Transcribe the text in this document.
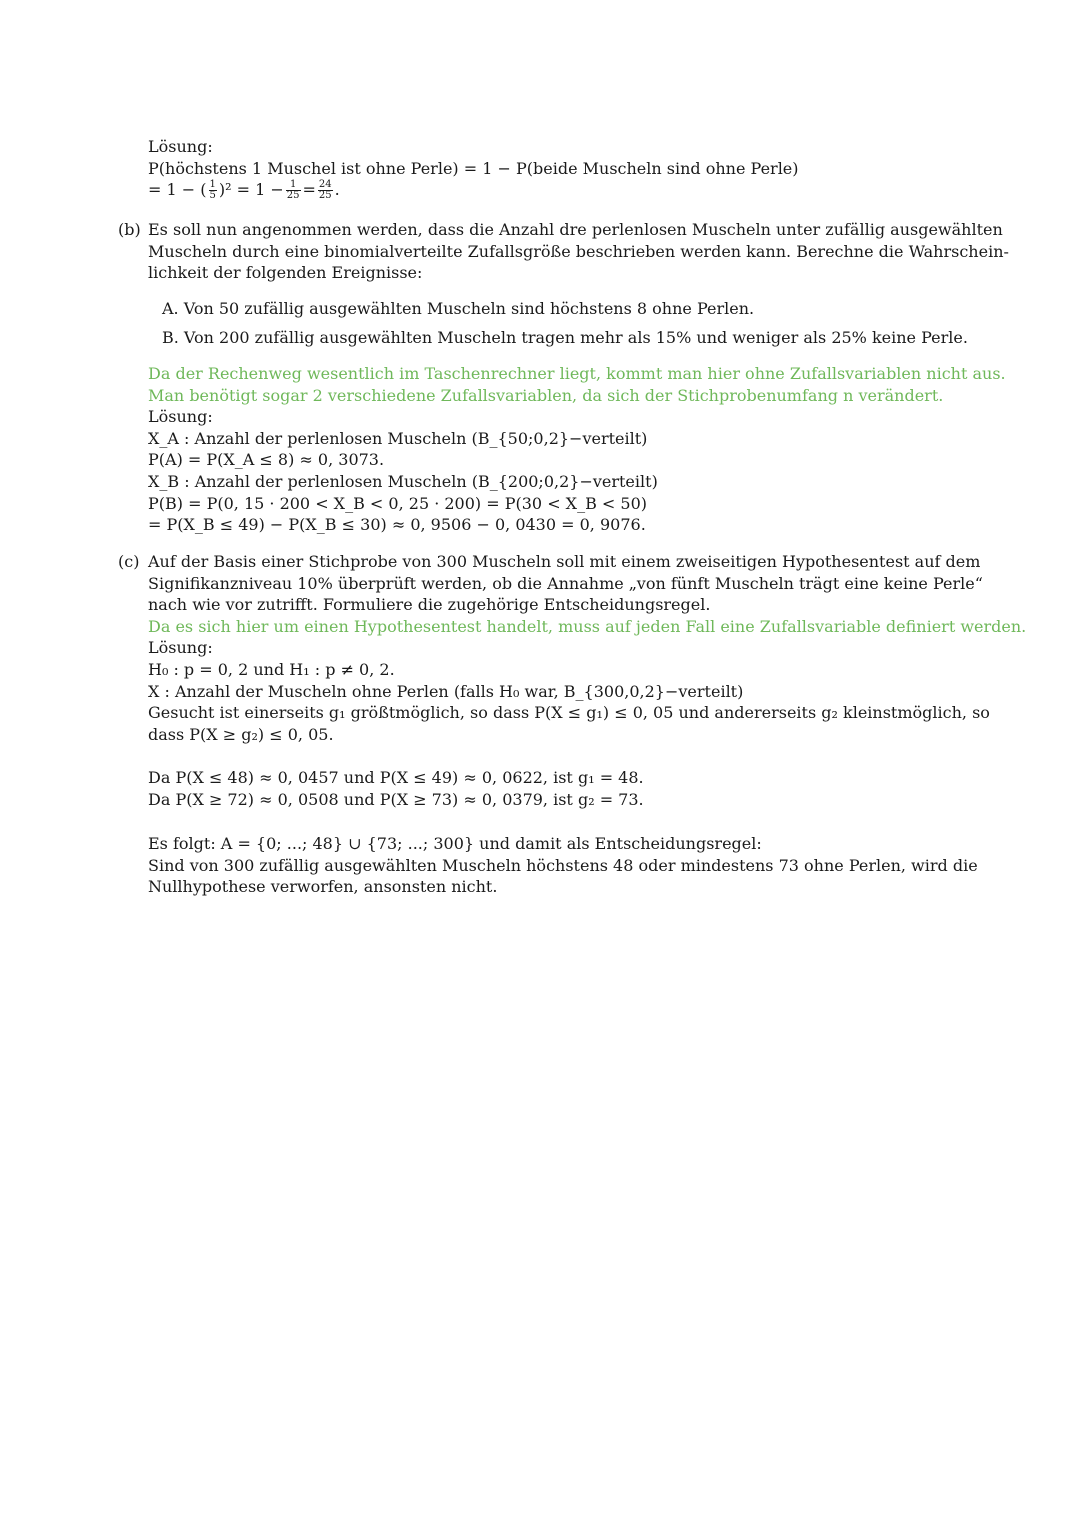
Lösung:
P(höchstens 1 Muschel ist ohne Perle) = 1 − P(beide Muscheln sind ohne Perle)
= 1 − ( $\frac{1}{5} )^2 = 1 - \frac{1}{25} = \frac{24}{25}$ .
(b) Es soll nun angenommen werden, dass die Anzahl dre perlenlosen Muscheln unter zufällig ausgewählten
Muscheln durch eine binomialverteilte Zufallsgröße beschrieben werden kann. Berechne die Wahrschein-
lichkeit der folgenden Ereignisse:
A. Von 50 zufällig ausgewählten Muscheln sind höchstens 8 ohne Perlen.
B. Von 200 zufällig ausgewählten Muscheln tragen mehr als 15% und weniger als 25% keine Perle.
Da der Rechenweg wesentlich im Taschenrechner liegt, kommt man hier ohne Zufallsvariablen nicht aus.
Man benötigt sogar 2 verschiedene Zufallsvariablen, da sich der Stichprobenumfang n verändert.
Lösung:
X_A : Anzahl der perlenlosen Muscheln (B_{50;0,2}−verteilt)
P(A) = P(X_A ≤ 8) ≈ 0, 3073.
X_B : Anzahl der perlenlosen Muscheln (B_{200;0,2}−verteilt)
P(B) = P(0, 15 · 200 < X_B < 0, 25 · 200) = P(30 < X_B < 50)
= P(X_B ≤ 49) − P(X_B ≤ 30) ≈ 0, 9506 − 0, 0430 = 0, 9076.
(c) Auf der Basis einer Stichprobe von 300 Muscheln soll mit einem zweiseitigen Hypothesentest auf dem
Signifikanzniveau 10% überprüft werden, ob die Annahme „von fünft Muscheln trägt eine keine Perle“
nach wie vor zutrifft. Formuliere die zugehörige Entscheidungsregel.
Da es sich hier um einen Hypothesentest handelt, muss auf jeden Fall eine Zufallsvariable definiert werden.
Lösung:
H₀ : p = 0, 2 und H₁ : p ≠ 0, 2.
X : Anzahl der Muscheln ohne Perlen (falls H₀ war, B_{300,0,2}−verteilt)
Gesucht ist einerseits g₁ größtmöglich, so dass P(X ≤ g₁) ≤ 0, 05 und andererseits g₂ kleinstmöglich, so
dass P(X ≥ g₂) ≤ 0, 05.
Da P(X ≤ 48) ≈ 0, 0457 und P(X ≤ 49) ≈ 0, 0622, ist g₁ = 48.
Da P(X ≥ 72) ≈ 0, 0508 und P(X ≥ 73) ≈ 0, 0379, ist g₂ = 73.
Es folgt: A = {0; ...; 48} ∪ {73; ...; 300} und damit als Entscheidungsregel:
Sind von 300 zufällig ausgewählten Muscheln höchstens 48 oder mindestens 73 ohne Perlen, wird die
Nullhypothese verworfen, ansonsten nicht.
